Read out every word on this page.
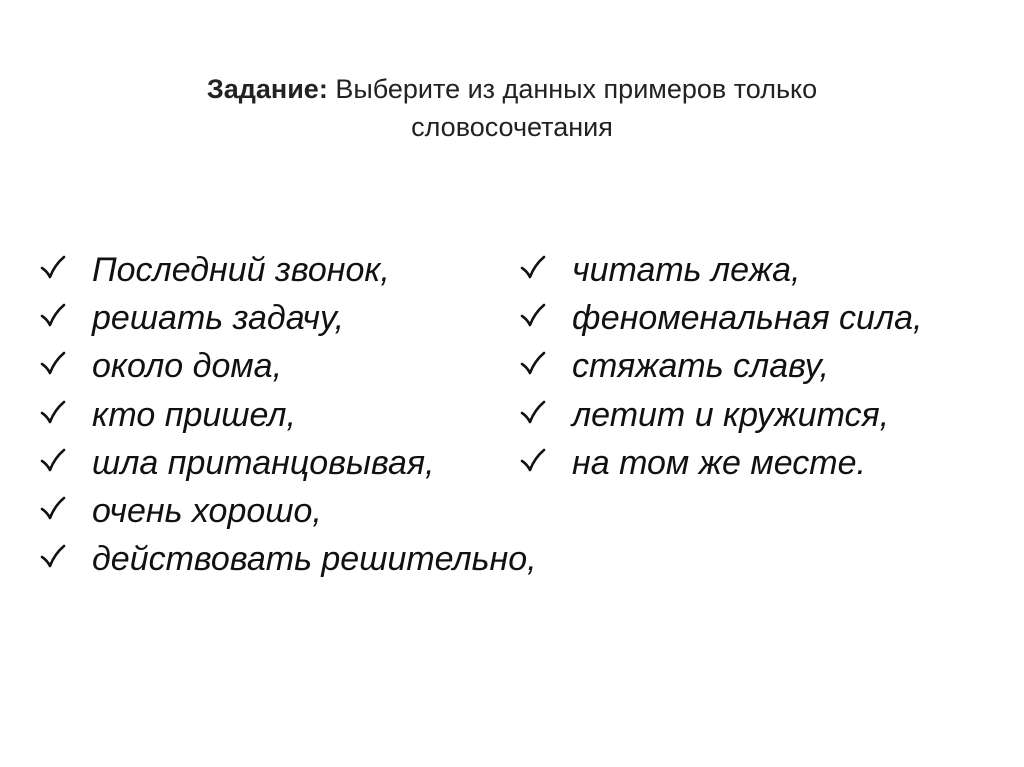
Задание: Выберите из данных примеров только
словосочетания
Последний звонок,
решать задачу,
около дома,
кто пришел,
шла пританцовывая,
очень хорошо,
действовать решительно,
читать лежа,
феноменальная сила,
стяжать славу,
летит и кружится,
на том же месте.
